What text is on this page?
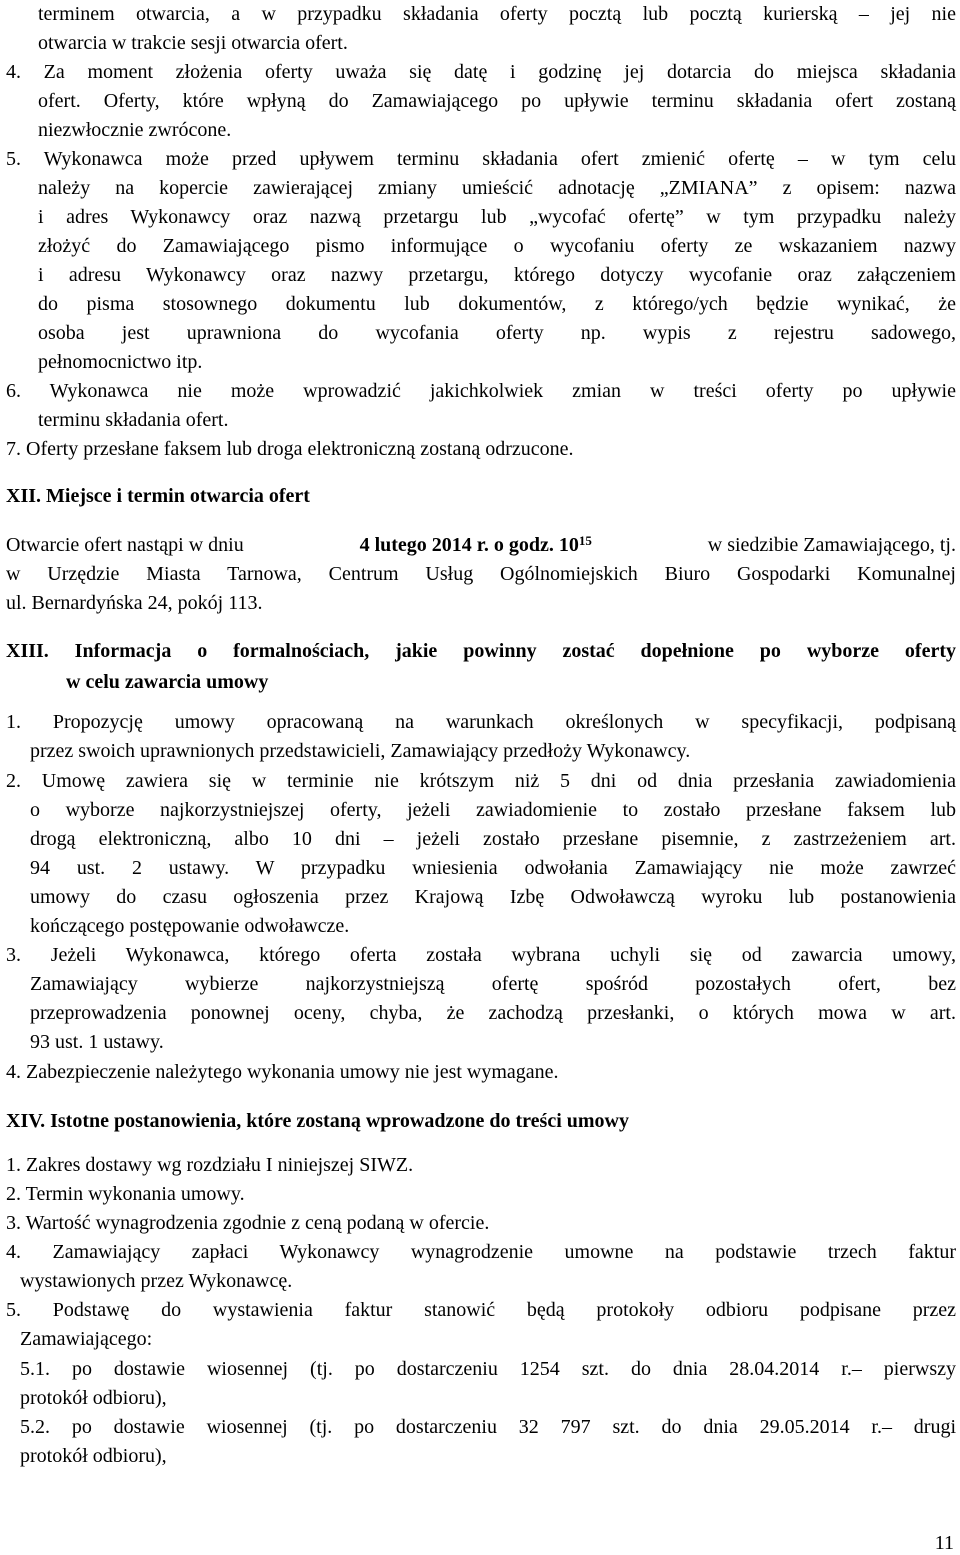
terminem otwarcia, a w przypadku składania oferty pocztą lub pocztą kurierską – jej nie
otwarcia w trakcie sesji otwarcia ofert.
4. Za moment złożenia oferty uważa się datę i godzinę jej dotarcia do miejsca składania
ofert. Oferty, które wpłyną do Zamawiającego po upływie terminu składania ofert zostaną
niezwłocznie zwrócone.
5. Wykonawca może przed upływem terminu składania ofert zmienić ofertę – w tym celu
należy na kopercie zawierającej zmiany umieścić adnotację „ZMIANA” z opisem: nazwa
i adres Wykonawcy oraz nazwą przetargu lub „wycofać ofertę” w tym przypadku należy
złożyć do Zamawiającego pismo informujące o wycofaniu oferty ze wskazaniem nazwy
i adresu Wykonawcy oraz nazwy przetargu, którego dotyczy wycofanie oraz załączeniem
do pisma stosownego dokumentu lub dokumentów, z którego/ych będzie wynikać, że
osoba jest uprawniona do wycofania oferty np. wypis z rejestru sadowego,
pełnomocnictwo itp.
6. Wykonawca nie może wprowadzić jakichkolwiek zmian w treści oferty po upływie
terminu składania ofert.
7. Oferty przesłane faksem lub droga elektroniczną zostaną odrzucone.
XII. Miejsce i termin otwarcia ofert
Otwarcie ofert nastąpi w dniu	4 lutego 2014 r. o godz. $10^{15}$	w siedzibie Zamawiającego, tj.
w Urzędzie Miasta Tarnowa, Centrum Usług Ogólnomiejskich Biuro Gospodarki Komunalnej
ul. Bernardyńska 24, pokój 113.
XIII. Informacja o formalnościach, jakie powinny zostać dopełnione po wyborze oferty
w celu zawarcia umowy
1. Propozycję umowy opracowaną na warunkach określonych w specyfikacji, podpisaną
przez swoich uprawnionych przedstawicieli, Zamawiający przedłoży Wykonawcy.
2. Umowę zawiera się w terminie nie krótszym niż 5 dni od dnia przesłania zawiadomienia
o wyborze najkorzystniejszej oferty, jeżeli zawiadomienie to zostało przesłane faksem lub
drogą elektroniczną, albo 10 dni – jeżeli zostało przesłane pisemnie, z zastrzeżeniem art.
94 ust. 2 ustawy. W przypadku wniesienia odwołania Zamawiający nie może zawrzeć
umowy do czasu ogłoszenia przez Krajową Izbę Odwoławczą wyroku lub postanowienia
kończącego postępowanie odwoławcze.
3. Jeżeli Wykonawca, którego oferta została wybrana uchyli się od zawarcia umowy,
Zamawiający wybierze najkorzystniejszą ofertę spośród pozostałych ofert, bez
przeprowadzenia ponownej oceny, chyba, że zachodzą przesłanki, o których mowa w art.
93 ust. 1 ustawy.
4. Zabezpieczenie należytego wykonania umowy nie jest wymagane.
XIV. Istotne postanowienia, które zostaną wprowadzone do treści umowy
1. Zakres dostawy wg rozdziału I niniejszej SIWZ.
2. Termin wykonania umowy.
3. Wartość wynagrodzenia zgodnie z ceną podaną w ofercie.
4. Zamawiający zapłaci Wykonawcy wynagrodzenie umowne na podstawie trzech faktur
wystawionych przez Wykonawcę.
5. Podstawę do wystawienia faktur stanowić będą protokoły odbioru podpisane przez
Zamawiającego:
5.1. po dostawie wiosennej (tj. po dostarczeniu 1254 szt. do dnia 28.04.2014 r.– pierwszy
protokół odbioru),
5.2. po dostawie wiosennej (tj. po dostarczeniu 32 797 szt. do dnia 29.05.2014 r.– drugi
protokół odbioru),
11
